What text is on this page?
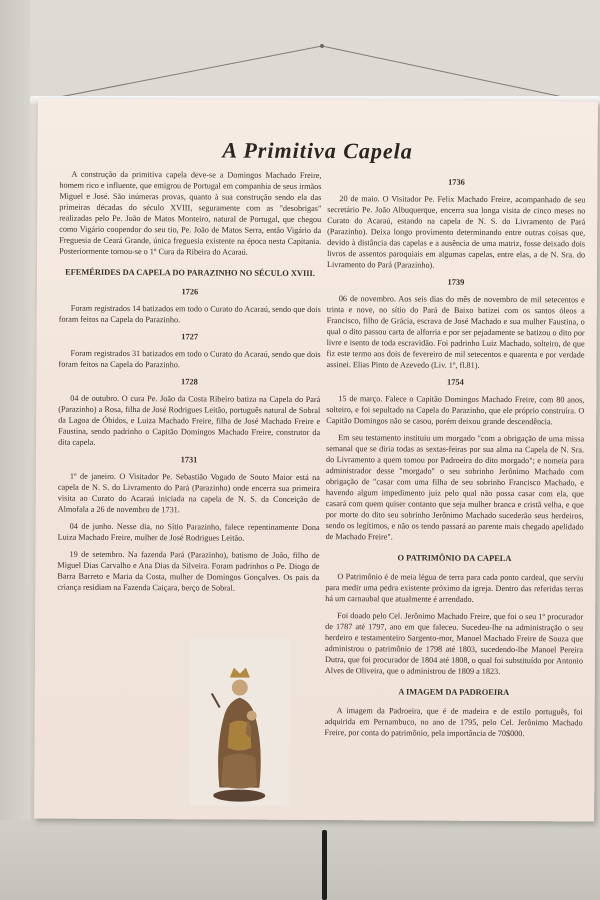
A Primitiva Capela

A construção da primitiva capela deve-se a Domingos Machado Freire, homem rico e influente, que emigrou de Portugal em companhia de seus irmãos Miguel e José. São inúmeras provas, quanto à sua construção sendo ela das primeiras décadas do século XVIII, seguramente com as "desobrigas" realizadas pelo Pe. João de Matos Monteiro, natural de Portugal, que chegou como Vigário coopendor do seu tio, Pe. João de Matos Serra, então Vigário da Freguesia de Ceará Grande, única freguesia existente na época nesta Capitania. Posteriormente tornou-se o 1º Cura da Ribeira do Acaraú.

EFEMÉRIDES DA CAPELA DO PARAZINHO NO SÉCULO XVIII.
1726

Foram registrados 14 batizados em todo o Curato do Acaraú, sendo que dois foram feitos na Capela do Parazinho.

1727

Foram registrados 31 batizados em todo o Curato do Acaraú, sendo que dois foram feitos na Capela do Parazinho.

1728

04 de outubro. O cura Pe. João da Costa Ribeiro batiza na Capela do Pará (Parazinho) a Rosa, filha de José Rodrigues Leitão, português natural de Sobral da Lagoa de Óbidos, e Luiza Machado Freire, filha de José Machado Freire e Faustina, sendo padrinho o Capitão Domingos Machado Freire, construtor da dita capela.

1731

1º de janeiro. O Visitador Pe. Sebastião Vogado de Souto Maior está na capela de N. S. do Livramento do Pará (Parazinho) onde encerra sua primeira visita ao Curato do Acaraú iniciada na capela de N. S. da Conceição de Almofala a 26 de novembro de 1731.

04 de junho. Nesse dia, no Sítio Parazinho, falece repentinamente Dona Luiza Machado Freire, mulher de José Rodrigues Leitão.

19 de setembro. Na fazenda Pará (Parazinho), batismo de João, filho de Miguel Dias Carvalho e Ana Dias da Silveira. Foram padrinhos o Pe. Diogo de Barra Barreto e Maria da Costa, mulher de Domingos Gonçalves. Os pais da criança residiam na Fazenda Caiçara, berço de Sobral.

1736

20 de maio. O Visitador Pe. Felix Machado Freire, acompanhado de seu secretário Pe. João Albuquerque, encerra sua longa visita de cinco meses no Curato do Acaraú, estando na capela de N. S. do Livramento de Pará (Parazinho). Deixa longo provimento determinando entre outras coisas que, devido à distância das capelas e a ausência de uma matriz, fosse deixado dois livros de assentos paroquiais em algumas capelas, entre elas, a de N. Sra. do Livramento do Pará (Parazinho).

1739

06 de novembro. Aos seis dias do mês de novembro de mil setecentos e trinta e nove, no sítio do Pará de Baixo batizei com os santos óleos a Francisco, filho de Grácia, escrava de José Machado e sua mulher Faustina, o qual o dito passou carta de alforria e por ser pejadamente se batizou o dito por livre e isento de toda escravidão. Foi padrinho Luiz Machado, solteiro, de que fiz este termo aos dois de fevereiro de mil setecentos e quarenta e por verdade assinei. Elias Pinto de Azevedo (Liv. 1º, fl.81).

1754

15 de março. Falece o Capitão Domingos Machado Freire, com 80 anos, solteiro, e foi sepultado na Capela do Parazinho, que ele próprio construíra. O Capitão Domingos não se casou, porém deixou grande descendência.

Em seu testamento instituiu um morgado "com a obrigação de uma missa semanal que se diria todas as sextas-feiras por sua alma na Capela de N. Sra. do Livramento a quem tomou por Padroeira do dito morgado"; e nomeia para administrador desse "morgado" o seu sobrinho Jerônimo Machado com obrigação de "casar com uma filha de seu sobrinho Francisco Machado, e havendo algum impedimento juiz pelo qual não possa casar com ela, que casará com quem quiser contanto que seja mulher branca e cristã velha, e que por morte do dito seu sobrinho Jerônimo Machado sucederão seus herdeiros, sendo os legítimos, e não os tendo passará ao parente mais chegado apelidado de Machado Freire".

O PATRIMÔNIO DA CAPELA

O Patrimônio é de meia légua de terra para cada ponto cardeal, que serviu para medir uma pedra existente próximo da igreja. Dentro das referidas terras há um carnaubal que atualmente é arrendado.

Foi doado pelo Cel. Jerônimo Machado Freire, que foi o seu 1º procurador de 1787 até 1797, ano em que faleceu. Sucedeu-lhe na administração o seu herdeiro e testamenteiro Sargento-mor, Manoel Machado Freire de Souza que administrou o patrimônio de 1798 até 1803, sucedendo-lhe Manoel Pereira Dutra, que foi procurador de 1804 até 1808, o qual foi substituído por Antonio Alves de Oliveira, que o administrou de 1809 a 1823.

A IMAGEM DA PADROEIRA

A imagem da Padroeira, que é de madeira e de estilo português, foi adquirida em Pernambuco, no ano de 1795, pelo Cel. Jerônimo Machado Freire, por conta do patrimônio, pela importância de 70$000.
